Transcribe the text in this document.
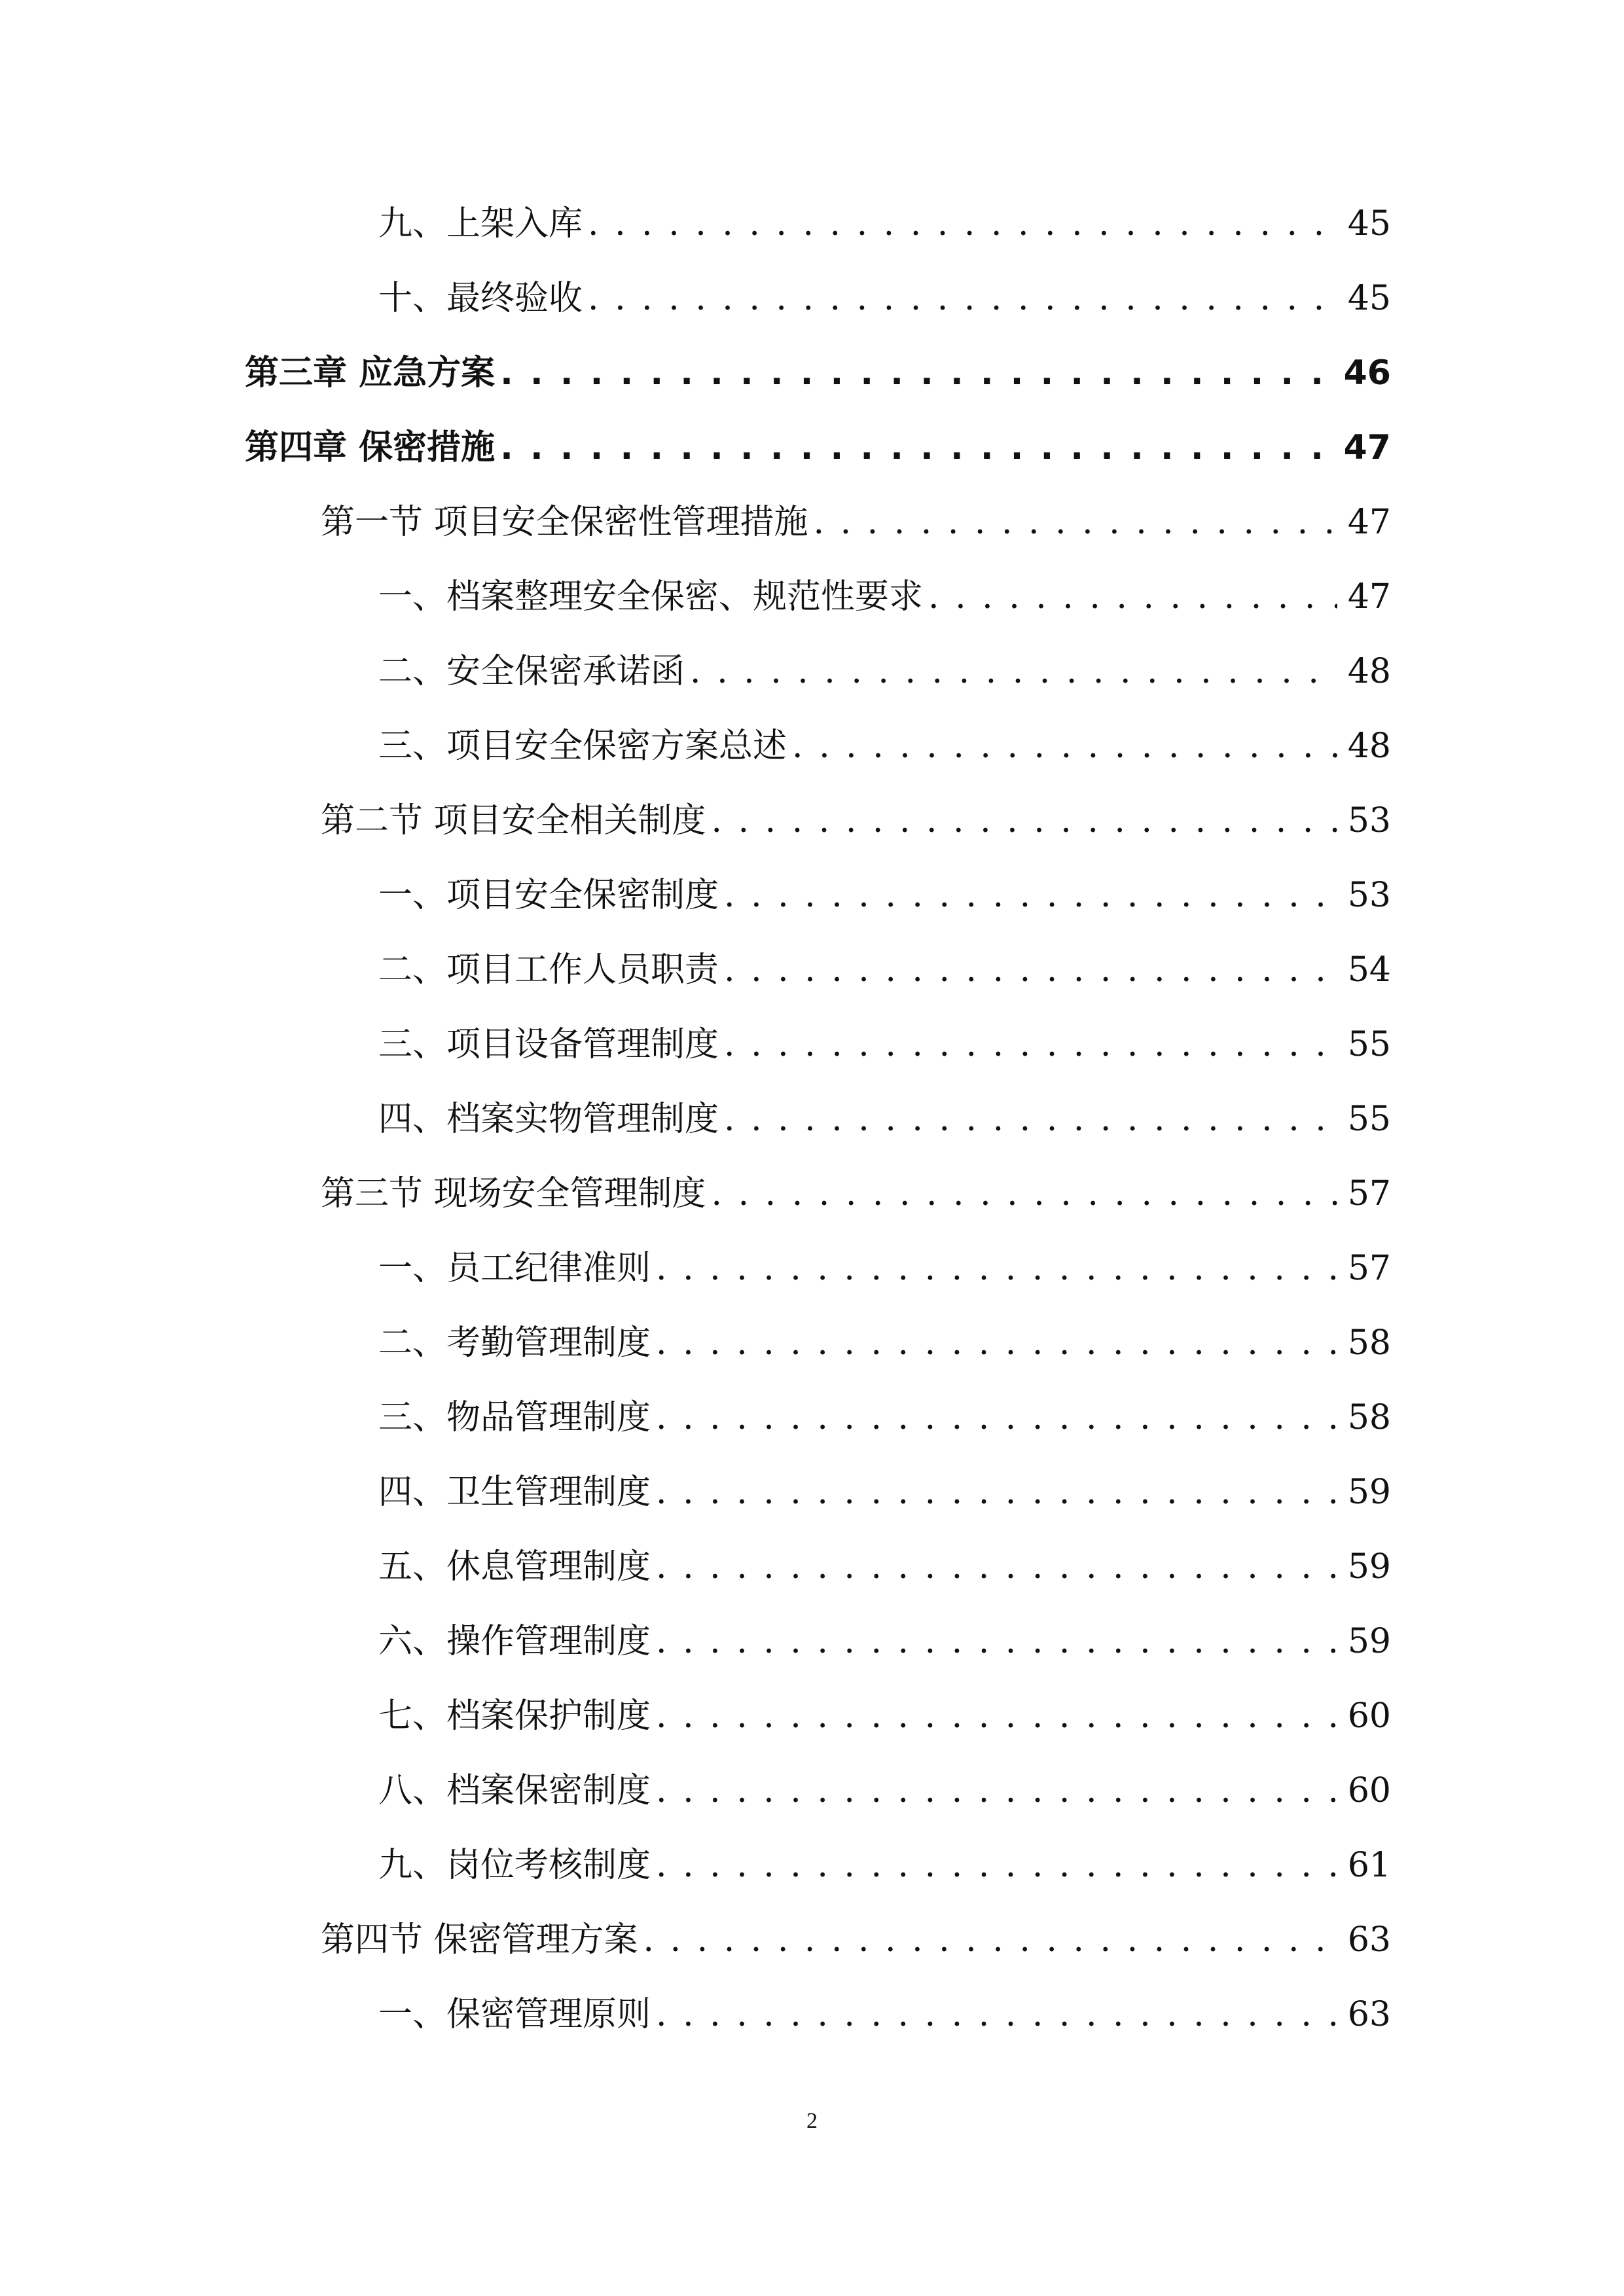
九、上架入库 . . .	45
十、最终验收 . . .	45
第三章 应急方案 . . .	46
第四章 保密措施 . . .	47
第一节 项目安全保密性管理措施 . . .	47
一、档案整理安全保密、规范性要求 . . .	47
二、安全保密承诺函 . . .	48
三、项目安全保密方案总述 . . .	48
第二节 项目安全相关制度 . . .	53
一、项目安全保密制度 . . .	53
二、项目工作人员职责 . . .	54
三、项目设备管理制度 . . .	55
四、档案实物管理制度 . . .	55
第三节 现场安全管理制度 . . .	57
一、员工纪律准则 . . .	57
二、考勤管理制度 . . .	58
三、物品管理制度 . . .	58
四、卫生管理制度 . . .	59
五、休息管理制度 . . .	59
六、操作管理制度 . . .	59
七、档案保护制度 . . .	60
八、档案保密制度 . . .	60
九、岗位考核制度 . . .	61
第四节 保密管理方案 . . .	63
一、保密管理原则 . . .	63
2
